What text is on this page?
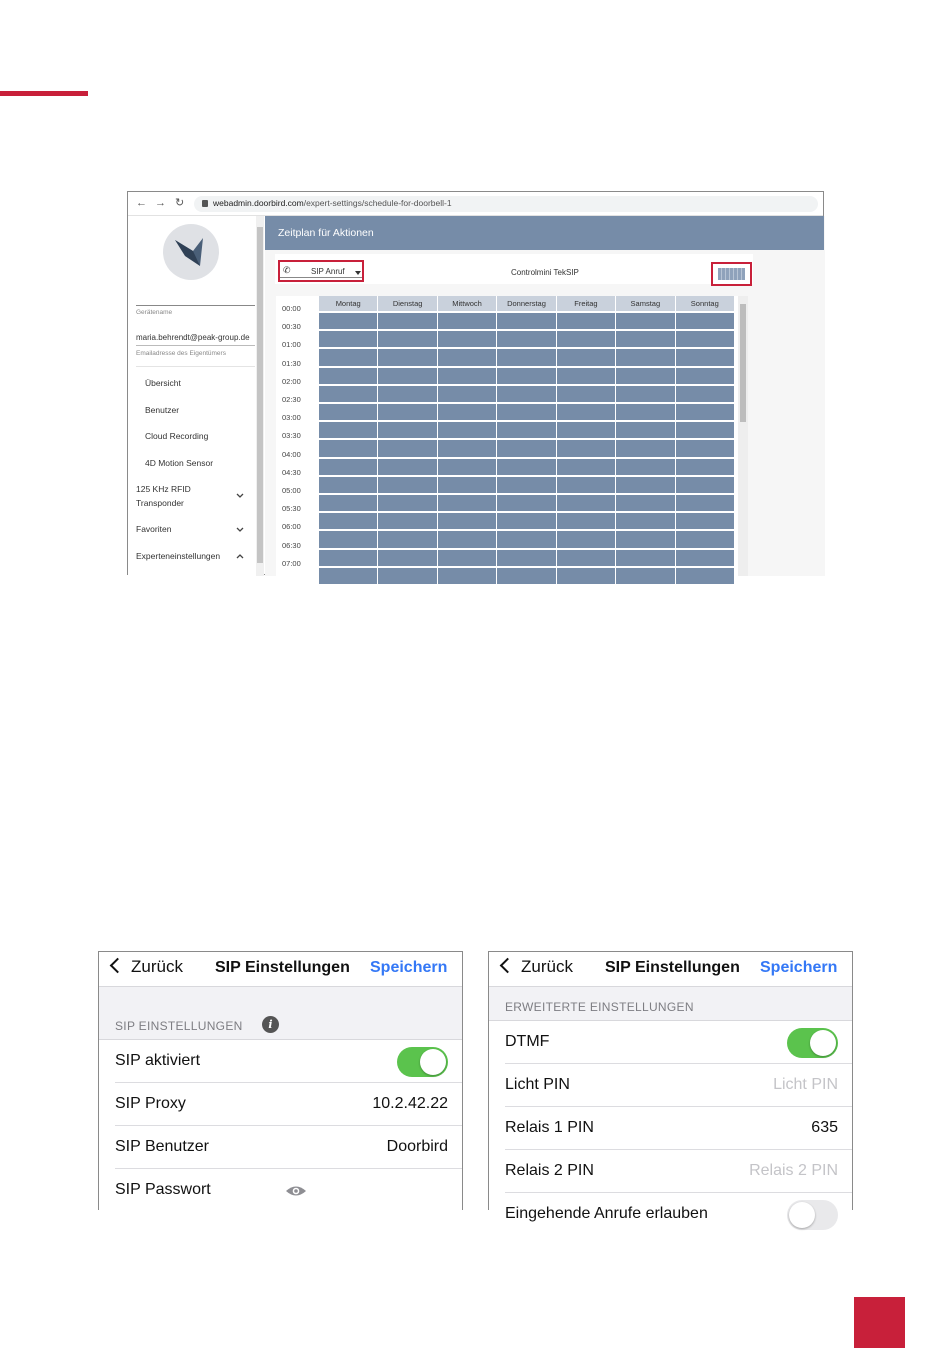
← → ↻	webadmin.doorbird.com/expert-settings/schedule-for-doorbell-1
Gerätename
maria.behrendt@peak-group.de
Emailadresse des Eigentümers
Übersicht
Benutzer
Cloud Recording
4D Motion Sensor
125 KHz RFID
Transponder
Favoriten
Experteneinstellungen
Zeitplan für Aktionen
✆	SIP Anruf	Controlmini TekSIP
00:00
00:30
01:00
01:30
02:00
02:30
03:00
03:30
04:00
04:30
05:00
05:30
06:00
06:30
07:00
Montag	Dienstag	Mittwoch	Donnerstag	Freitag	Samstag	Sonntag
Zurück SIP Einstellungen Speichern
SIP EINSTELLUNGEN	i
SIP aktiviert
SIP Proxy	10.2.42.22
SIP Benutzer	Doorbird
SIP Passwort
Zurück SIP Einstellungen Speichern
ERWEITERTE EINSTELLUNGEN
DTMF
Licht PIN	Licht PIN
Relais 1 PIN	635
Relais 2 PIN	Relais 2 PIN
Eingehende Anrufe erlauben
